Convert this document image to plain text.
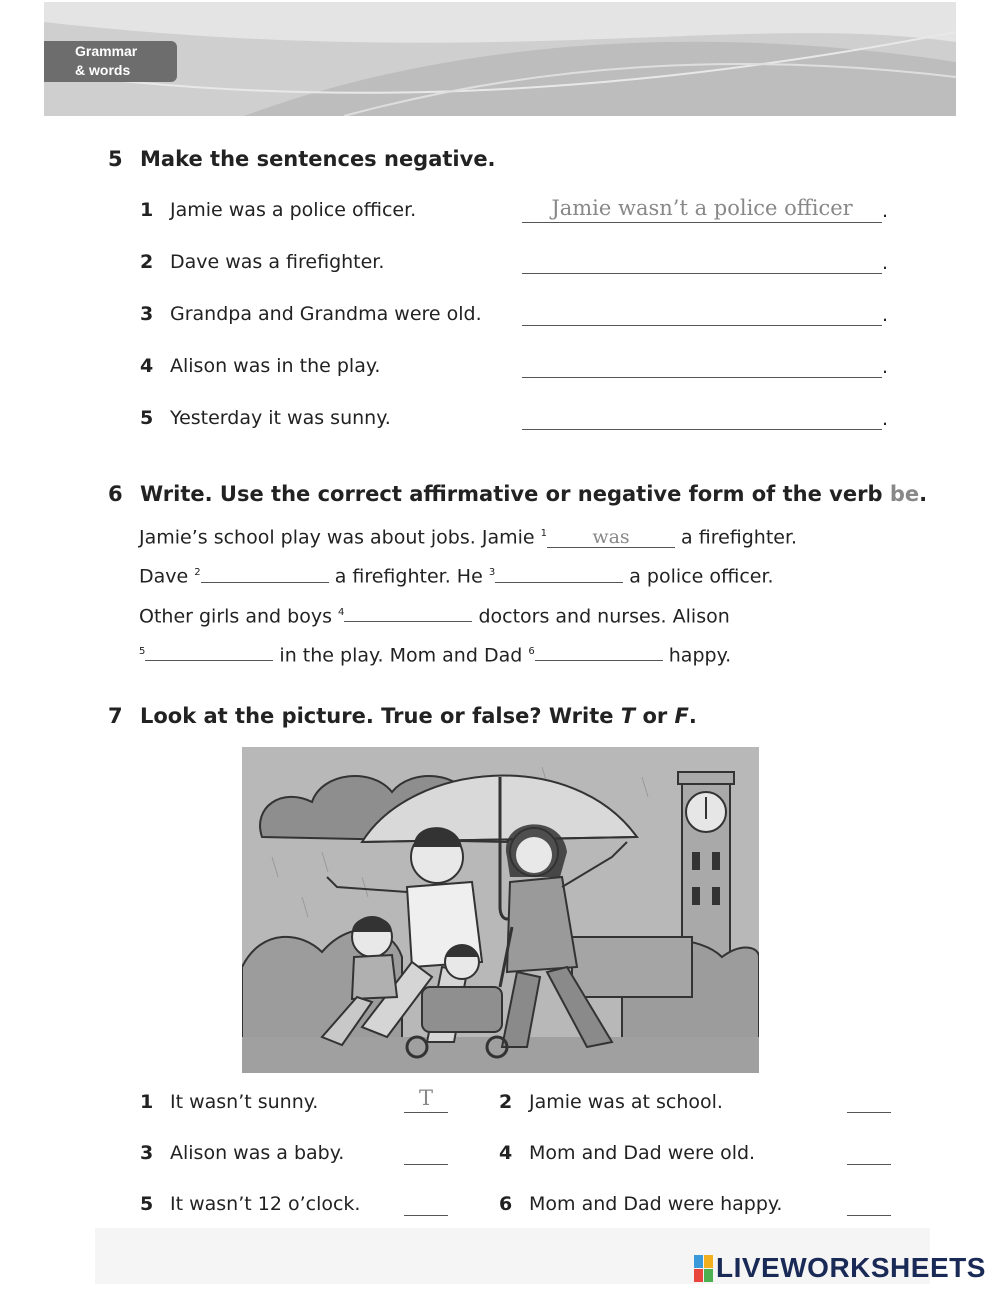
Grammar
& words
5 Make the sentences negative.
1 Jamie was a police officer.	Jamie wasn’t a police officer	.
2 Dave was a firefighter.	.
3 Grandpa and Grandma were old.	.
4 Alison was in the play.	.
5 Yesterday it was sunny.	.
6 Write. Use the correct affirmative or negative form of the verb be.
Jamie’s school play was about jobs. Jamie $^1$ was	a firefighter.
Dave $^2$	a firefighter. He $^3$	a police officer.
Other girls and boys $^4$	doctors and nurses. Alison
$^5$	in the play. Mom and Dad $^6$	happy.
7 Look at the picture. True or false? Write T or F.
1 It wasn’t sunny.	T	2 Jamie was at school.
3 Alison was a baby.	4 Mom and Dad were old.
5 It wasn’t 12 o’clock.	6 Mom and Dad were happy.
LIVEWORKSHEETS
